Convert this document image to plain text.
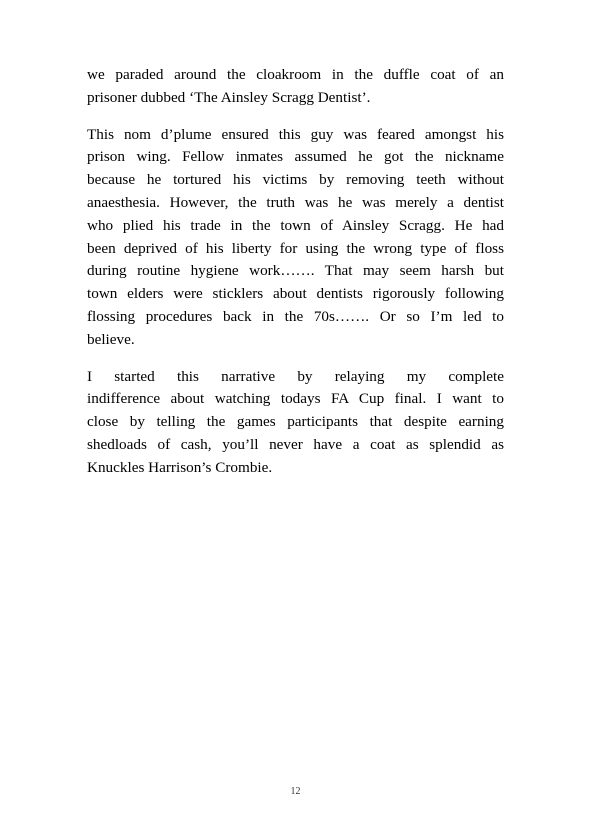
we paraded around the cloakroom in the duffle coat of an
prisoner dubbed ‘The Ainsley Scragg Dentist’.

This nom d’plume ensured this guy was feared amongst his
prison wing. Fellow inmates assumed he got the nickname
because he tortured his victims by removing teeth without
anaesthesia. However, the truth was he was merely a dentist
who plied his trade in the town of Ainsley Scragg. He had
been deprived of his liberty for using the wrong type of floss
during routine hygiene work……. That may seem harsh but
town elders were sticklers about dentists rigorously following
flossing procedures back in the 70s……. Or so I’m led to
believe.

I started this narrative by relaying my complete
indifference about watching todays FA Cup final. I want to
close by telling the games participants that despite earning
shedloads of cash, you’ll never have a coat as splendid as
Knuckles Harrison’s Crombie.

12
